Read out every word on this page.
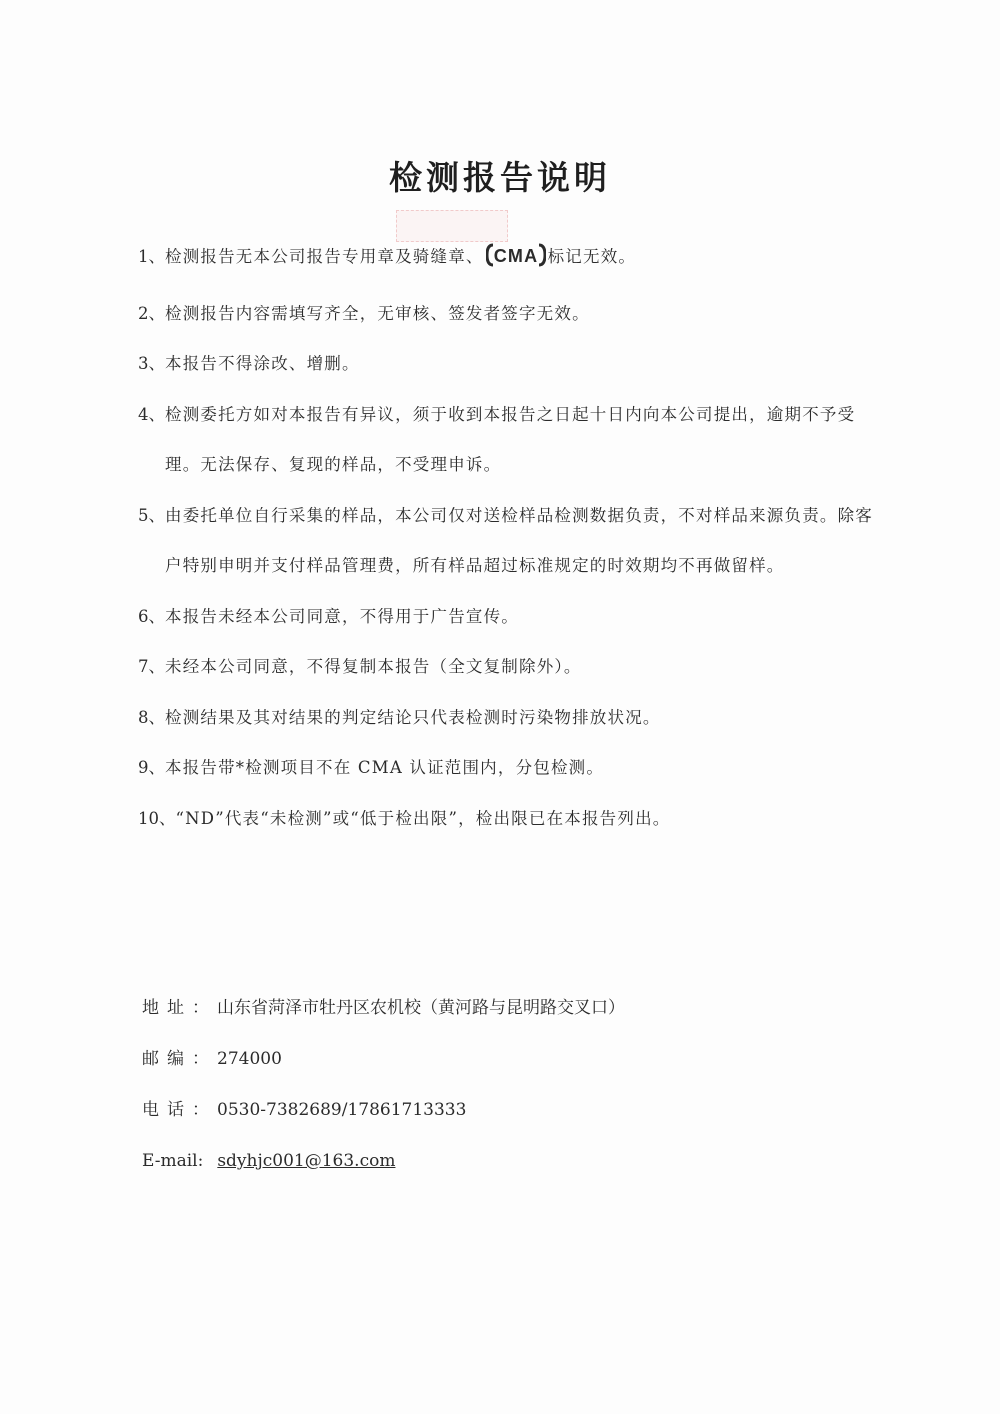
检测报告说明
1、 检测报告无本公司报告专用章及骑缝章、 CMA 标记无效。
2、 检测报告内容需填写齐全，无审核、签发者签字无效。
3、 本报告不得涂改、增删。
4、 检测委托方如对本报告有异议，须于收到本报告之日起十日内向本公司提出，逾期不予受理。无法保存、复现的样品，不受理申诉。
5、 由委托单位自行采集的样品，本公司仅对送检样品检测数据负责，不对样品来源负责。除客户特别申明并支付样品管理费，所有样品超过标准规定的时效期均不再做留样。
6、 本报告未经本公司同意，不得用于广告宣传。
7、 未经本公司同意，不得复制本报告（全文复制除外）。
8、 检测结果及其对结果的判定结论只代表检测时污染物排放状况。
9、 本报告带*检测项目不在 CMA 认证范围内，分包检测。
10、 “ND”代表“未检测”或“低于检出限”，检出限已在本报告列出。
地址：山东省菏泽市牡丹区农机校（黄河路与昆明路交叉口）
邮编：274000
电话：0530-7382689/17861713333
E-mail: sdyhjc001@163.com
